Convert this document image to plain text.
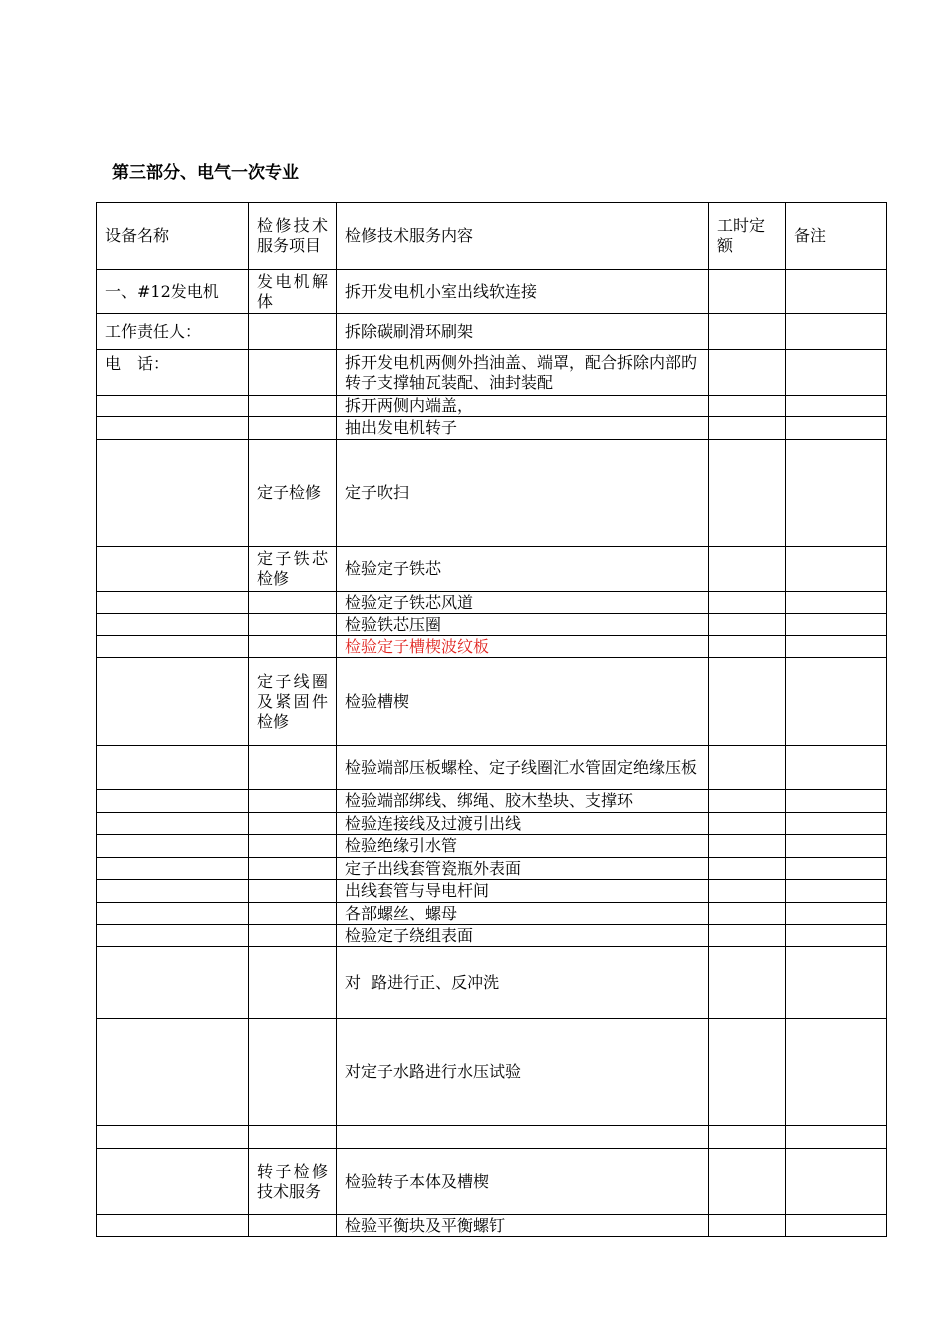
第三部分、电气一次专业
设备名称	检修技术服务项目	检修技术服务内容	工时定额	备注
一、#12发电机	发电机解体	拆开发电机小室出线软连接		
工作责任人：		拆除碳刷滑环刷架		
电　话：		拆开发电机两侧外挡油盖、端罩，配合拆除内部旳转子支撑轴瓦装配、油封装配		
		拆开两侧内端盖，		
		抽出发电机转子		
	定子检修	定子吹扫		
	定子铁芯检修	检验定子铁芯		
		检验定子铁芯风道		
		检验铁芯压圈		
		检验定子槽楔波纹板		
	定子线圈及紧固件检修	检验槽楔		
		检验端部压板螺栓、定子线圈汇水管固定绝缘压板		
		检验端部绑线、绑绳、胶木垫块、支撑环		
		检验连接线及过渡引出线		
		检验绝缘引水管		
		定子出线套管瓷瓶外表面		
		出线套管与导电杆间		
		各部螺丝、螺母		
		检验定子绕组表面		
		对  路进行正、反冲洗		
		对定子水路进行水压试验		

	转子检修技术服务	检验转子本体及槽楔		
		检验平衡块及平衡螺钉		
